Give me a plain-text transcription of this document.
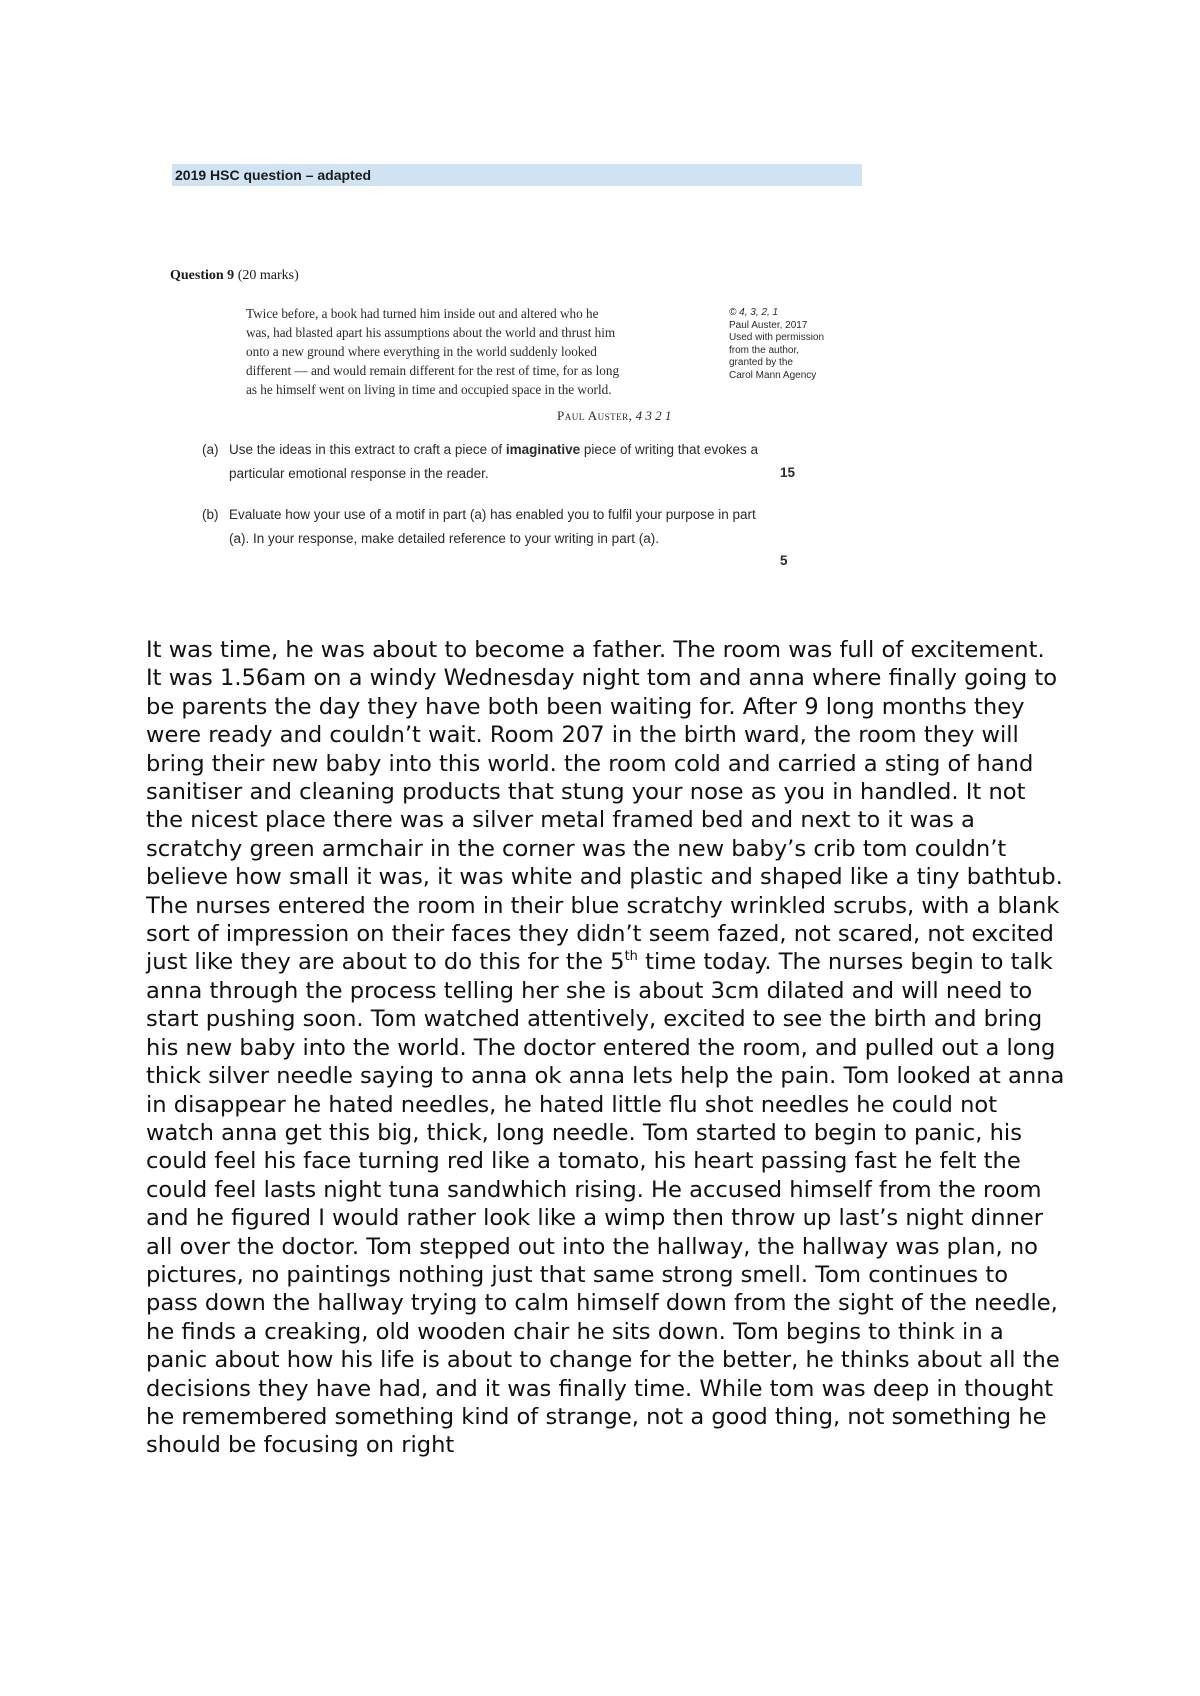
2019 HSC question – adapted
Question 9 (20 marks)
Twice before, a book had turned him inside out and altered who he
was, had blasted apart his assumptions about the world and thrust him
onto a new ground where everything in the world suddenly looked
different — and would remain different for the rest of time, for as long
as he himself went on living in time and occupied space in the world.
© 4, 3, 2, 1
Paul Auster, 2017
Used with permission
from the author,
granted by the
Carol Mann Agency
Paul Auster, 4 3 2 1
(a) Use the ideas in this extract to craft a piece of imaginative piece of writing that evokes a particular emotional response in the reader.	15
(b) Evaluate how your use of a motif in part (a) has enabled you to fulfil your purpose in part (a). In your response, make detailed reference to your writing in part (a).
5

It was time, he was about to become a father. The room was full of excitement.

It was 1.56am on a windy Wednesday night tom and anna where finally going to be parents the day they have both been waiting for. After 9 long months they were ready and couldn’t wait. Room 207 in the birth ward, the room they will bring their new baby into this world. the room cold and carried a sting of hand sanitiser and cleaning products that stung your nose as you in handled. It not the nicest place there was a silver metal framed bed and next to it was a scratchy green armchair in the corner was the new baby’s crib tom couldn’t believe how small it was, it was white and plastic and shaped like a tiny bathtub. The nurses entered the room in their blue scratchy wrinkled scrubs, with a blank sort of impression on their faces they didn’t seem fazed, not scared, not excited just like they are about to do this for the 5th time today. The nurses begin to talk anna through the process telling her she is about 3cm dilated and will need to start pushing soon. Tom watched attentively, excited to see the birth and bring his new baby into the world. The doctor entered the room, and pulled out a long thick silver needle saying to anna ok anna lets help the pain. Tom looked at anna in disappear he hated needles, he hated little flu shot needles he could not watch anna get this big, thick, long needle. Tom started to begin to panic, his could feel his face turning red like a tomato, his heart passing fast he felt the could feel lasts night tuna sandwhich rising. He accused himself from the room and he figured I would rather look like a wimp then throw up last’s night dinner all over the doctor. Tom stepped out into the hallway, the hallway was plan, no pictures, no paintings nothing just that same strong smell. Tom continues to pass down the hallway trying to calm himself down from the sight of the needle, he finds a creaking, old wooden chair he sits down. Tom begins to think in a panic about how his life is about to change for the better, he thinks about all the decisions they have had, and it was finally time. While tom was deep in thought he remembered something kind of strange, not a good thing, not something he should be focusing on right
